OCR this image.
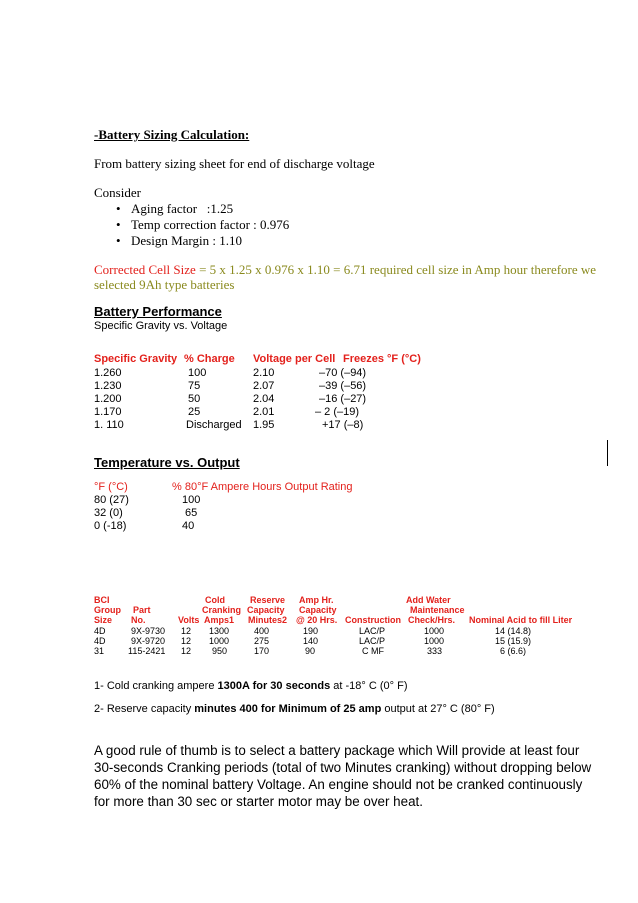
-Battery Sizing Calculation:
From battery sizing sheet for end of discharge voltage
Consider
• Aging factor   :1.25
• Temp correction factor : 0.976
• Design Margin : 1.10
Corrected Cell Size = 5 x 1.25 x 0.976 x 1.10 = 6.71 required cell size in Amp hour therefore we
selected 9Ah type batteries
Battery Performance
Specific Gravity vs. Voltage
Specific Gravity % Charge Voltage per Cell Freezes °F (°C)
1.260	100	2.10	–70 (–94)
1.230	75	2.07	–39 (–56)
1.200	50	2.04	–16 (–27)
1.170	25	2.01	– 2 (–19)
1. 110	Discharged 1.95	+17 (–8)
Temperature vs. Output
°F (°C)	% 80°F Ampere Hours Output Rating
80 (27)	100
32 (0)	65
0 (-18)	40
BCI	Cold	Reserve Amp Hr.	Add Water
Group Part	Cranking Capacity Capacity	Maintenance
Size No.	Volts Amps1 Minutes2 @ 20 Hrs. Construction Check/Hrs. Nominal Acid to fill Liter
4D	9X-9730 12 1300	400	190	LAC/P	1000	14 (14.8)
4D	9X-9720 12 1000	275	140	LAC/P	1000	15 (15.9)
31	115-2421 12 950	170	90	C MF	333	6 (6.6)
1- Cold cranking ampere 1300A for 30 seconds at -18° C (0° F)
2- Reserve capacity minutes 400 for Minimum of 25 amp output at 27° C (80° F)
A good rule of thumb is to select a battery package which Will provide at least four 30-seconds Cranking periods (total of two Minutes cranking) without dropping below 60% of the nominal battery Voltage. An engine should not be cranked continuously for more than 30 sec or starter motor may be over heat.
